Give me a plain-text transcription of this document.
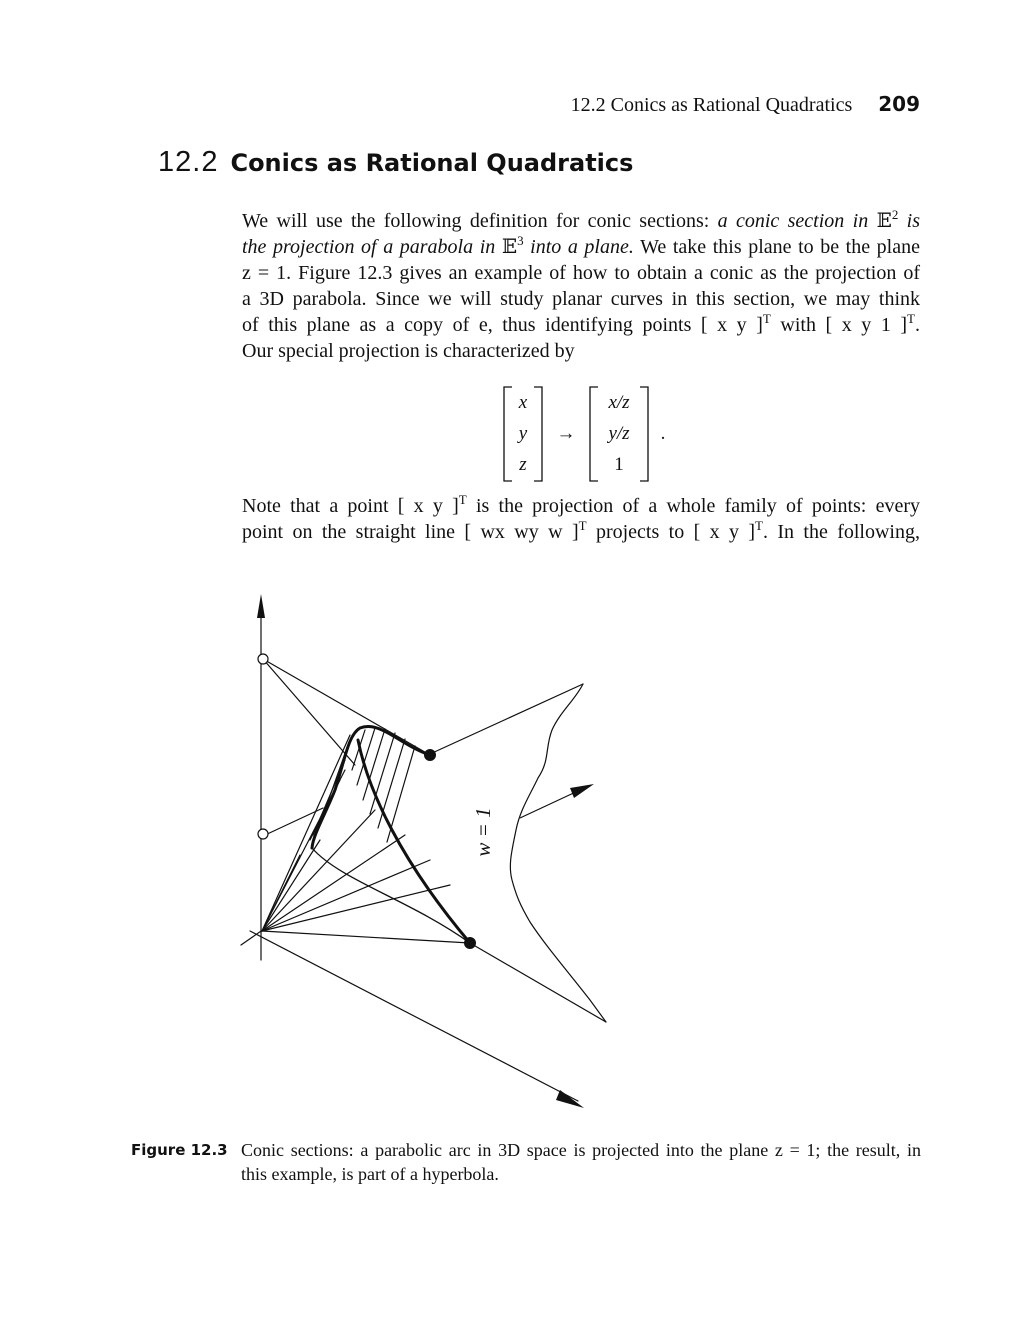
12.2 Conics as Rational Quadratics 209
12.2 Conics as Rational Quadratics
We will use the following definition for conic sections: a conic section in 𝔼$^2$ is
the projection of a parabola in 𝔼$^3$ into a plane. We take this plane to be the plane
z = 1. Figure 12.3 gives an example of how to obtain a conic as the projection of
a 3D parabola. Since we will study planar curves in this section, we may think
of this plane as a copy of e, thus identifying points [ x y ]$^T$ with [ x y 1 ]$^T$.
Our special projection is characterized by
x
y
z
→
x/z
y/z
1
.
Note that a point [ x y ]$^T$ is the projection of a whole family of points: every
point on the straight line [ wx wy w ]$^T$ projects to [ x y ]$^T$. In the following,
w = 1
Figure 12.3 Conic sections: a parabolic arc in 3D space is projected into the plane z = 1; the result, in
this example, is part of a hyperbola.
